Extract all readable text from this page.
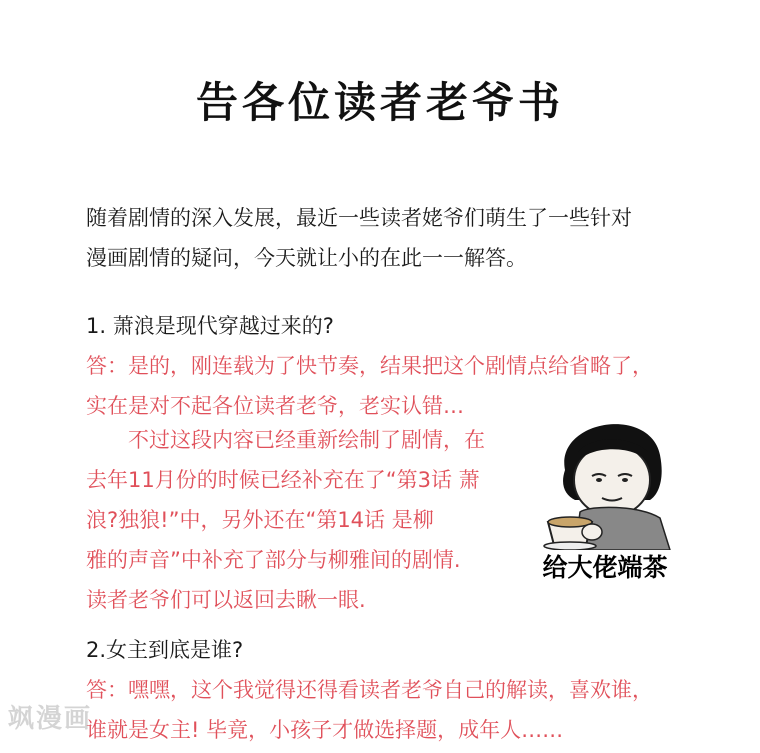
告各位读者老爷书
随着剧情的深入发展，最近一些读者姥爷们萌生了一些针对
漫画剧情的疑问，今天就让小的在此一一解答。
1. 萧浪是现代穿越过来的?
答：是的，刚连载为了快节奏，结果把这个剧情点给省略了，
实在是对不起各位读者老爷，老实认错…
不过这段内容已经重新绘制了剧情，在
去年11月份的时候已经补充在了“第3话 萧
浪?独狼!”中，另外还在“第14话 是柳
雅的声音”中补充了部分与柳雅间的剧情.
读者老爷们可以返回去瞅一眼.
给大佬端茶
2.女主到底是谁?
答：嘿嘿，这个我觉得还得看读者老爷自己的解读，喜欢谁，
谁就是女主! 毕竟，小孩子才做选择题，成年人……
飒漫画
